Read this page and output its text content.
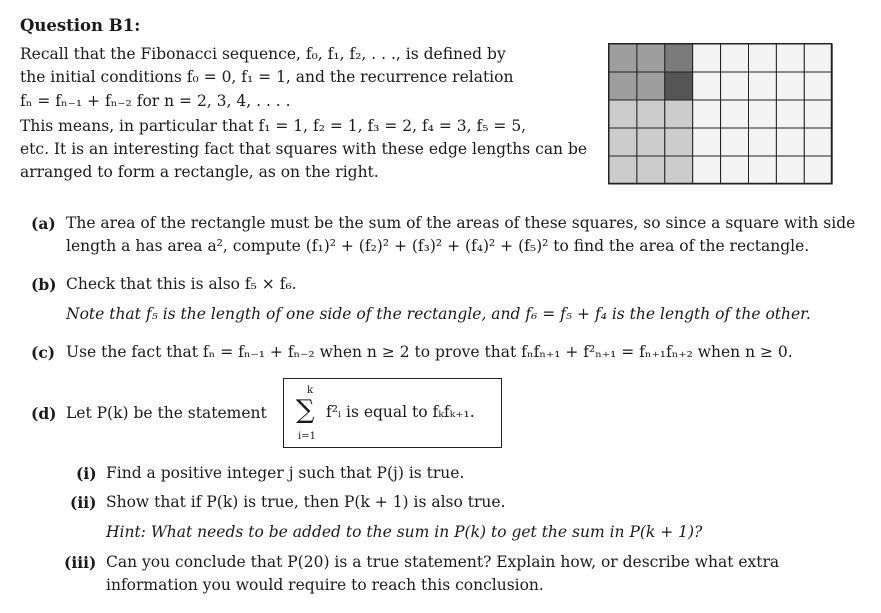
Question B1:
Recall that the Fibonacci sequence, f₀, f₁, f₂, . . ., is defined by
the initial conditions f₀ = 0, f₁ = 1, and the recurrence relation
fₙ = fₙ₋₁ + fₙ₋₂ for n = 2, 3, 4, . . . .
This means, in particular that f₁ = 1, f₂ = 1, f₃ = 2, f₄ = 3, f₅ = 5,
etc. It is an interesting fact that squares with these edge lengths can be
arranged to form a rectangle, as on the right.
(a) The area of the rectangle must be the sum of the areas of these squares, so since a square with side
length a has area a², compute (f₁)² + (f₂)² + (f₃)² + (f₄)² + (f₅)² to find the area of the rectangle.
(b) Check that this is also f₅ × f₆.
Note that f₅ is the length of one side of the rectangle, and f₆ = f₅ + f₄ is the length of the other.
(c) Use the fact that fₙ = fₙ₋₁ + fₙ₋₂ when n ≥ 2 to prove that fₙfₙ₊₁ + f²ₙ₊₁ = fₙ₊₁fₙ₊₂ when n ≥ 0.
(d) Let P(k) be the statement
k
∑
i=1
f²ᵢ is equal to fₖfₖ₊₁.
(i) Find a positive integer j such that P(j) is true.
(ii) Show that if P(k) is true, then P(k + 1) is also true.
Hint: What needs to be added to the sum in P(k) to get the sum in P(k + 1)?
(iii) Can you conclude that P(20) is a true statement? Explain how, or describe what extra
information you would require to reach this conclusion.
